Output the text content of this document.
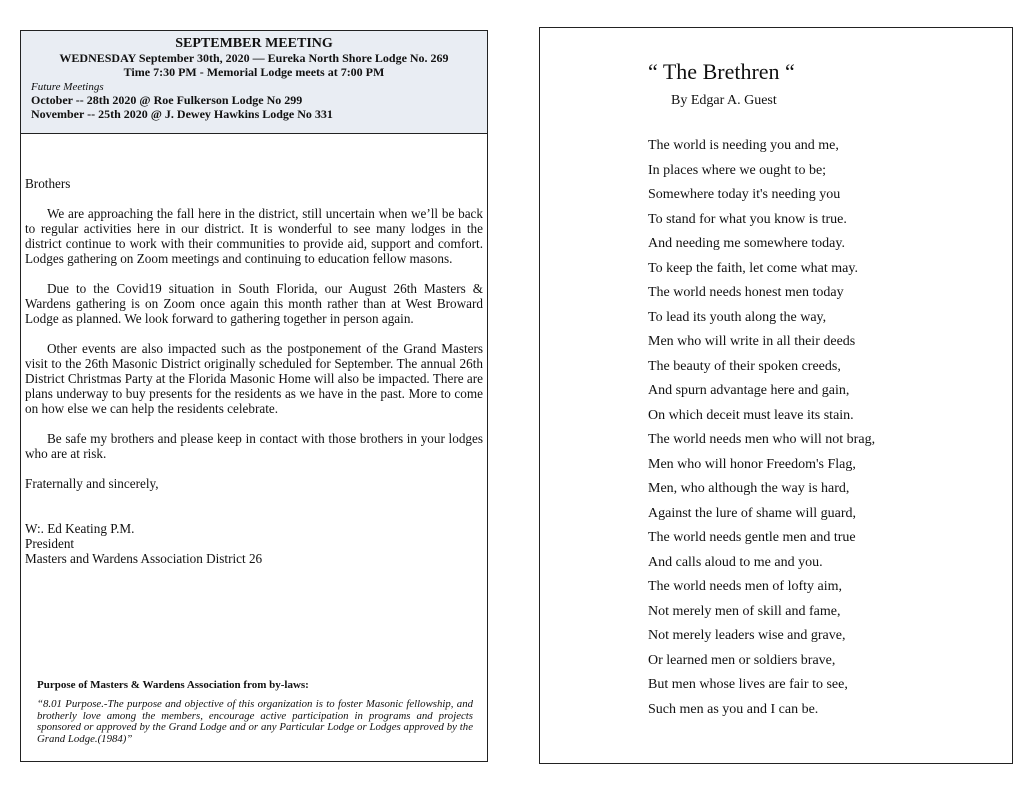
SEPTEMBER MEETING
WEDNESDAY September 30th, 2020 — Eureka North Shore Lodge No. 269
Time 7:30 PM - Memorial Lodge meets at 7:00 PM
Future Meetings
October -- 28th 2020 @ Roe Fulkerson Lodge No 299
November -- 25th 2020 @ J. Dewey Hawkins Lodge No 331

Brothers

We are approaching the fall here in the district, still uncertain when we’ll be back to regular activities here in our district. It is wonderful to see many lodges in the district continue to work with their communities to provide aid, support and comfort. Lodges gathering on Zoom meetings and continuing to education fellow masons.

Due to the Covid19 situation in South Florida, our August 26th Masters & Wardens gathering is on Zoom once again this month rather than at West Broward Lodge as planned. We look forward to gathering together in person again.

Other events are also impacted such as the postponement of the Grand Masters visit to the 26th Masonic District originally scheduled for September. The annual 26th District Christmas Party at the Florida Masonic Home will also be impacted. There are plans underway to buy presents for the residents as we have in the past. More to come on how else we can help the residents celebrate.

Be safe my brothers and please keep in contact with those brothers in your lodges who are at risk.

Fraternally and sincerely,

W:. Ed Keating P.M.
President
Masters and Wardens Association District 26
Purpose of Masters & Wardens Association from by-laws:
“8.01 Purpose.-The purpose and objective of this organization is to foster Masonic fellowship, and brotherly love among the members, encourage active participation in programs and projects sponsored or approved by the Grand Lodge and or any Particular Lodge or Lodges approved by the Grand Lodge.(1984)”
“ The Brethren “
By Edgar A. Guest
The world is needing you and me,
In places where we ought to be;
Somewhere today it's needing you
To stand for what you know is true.
And needing me somewhere today.
To keep the faith, let come what may.
The world needs honest men today
To lead its youth along the way,
Men who will write in all their deeds
The beauty of their spoken creeds,
And spurn advantage here and gain,
On which deceit must leave its stain.
The world needs men who will not brag,
Men who will honor Freedom's Flag,
Men, who although the way is hard,
Against the lure of shame will guard,
The world needs gentle men and true
And calls aloud to me and you.
The world needs men of lofty aim,
Not merely men of skill and fame,
Not merely leaders wise and grave,
Or learned men or soldiers brave,
But men whose lives are fair to see,
Such men as you and I can be.
